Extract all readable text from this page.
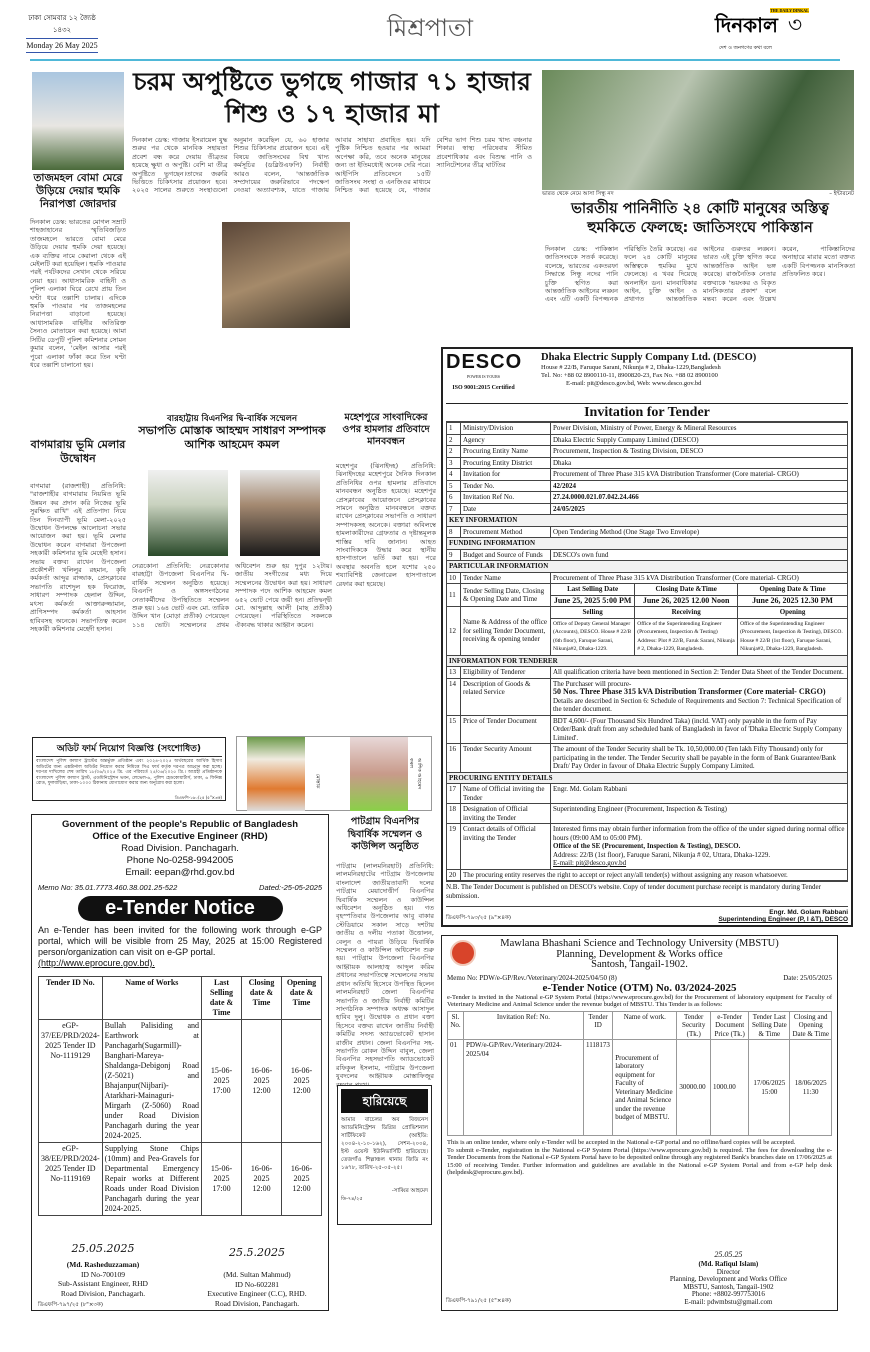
ঢাকা সোমবার ১২ জ্যৈষ্ঠ ১৪৩২
Monday 26 May 2025
মিশ্রপাতা
THE DAILY DINKAL
দিনকাল ৩
দেশ ও জনগণের কথা বলে
তাজমহল বোমা মেরে উড়িয়ে দেয়ার হুমকি নিরাপত্তা জোরদার
দিনকাল ডেস্ক: ভারতের মোগল সম্রাট শাহজাহানের স্মৃতিবিজড়িত তাজমহলে ভারতে বোমা মেরে উড়িয়ে দেয়ার হুমকি দেয়া হয়েছে। এক ব্যক্তির নামে কেরালা থেকে এই মেইলটি করা হয়েছিল। হুমকি পাওয়ার পরই পর্যটকদের সেখান থেকে সরিয়ে নেয়া হয়। আধাসামরিক বাহিনী ও পুলিশ এলাকা ঘিরে রেখে প্রায় তিন ঘণ্টা ধরে তল্লাশি চালায়। এদিকে হুমকি পাওয়ার পর তাজমহলের নিরাপত্তা বাড়ানো হয়েছে। আধাসামরিক বাহিনীর অতিরিক্ত সৈন্যও মোতায়েন করা হয়েছে। আমা সিটির ডেপুটি পুলিশ কমিশনার সোমন কুমার বলেন, 'মেইল আসার পরই পুরো এলাকা ফাঁকা করে তিন ঘণ্টা ধরে তল্লাশি চালানো হয়।
বাগমারায় ভূমি মেলার উদ্বোধন
বাগমারা (রাজশাহী) প্রতিনিধি: "রাজশাহীর বাগমারায় নিয়মিত ভূমি উন্নয়ন কর প্রদান করি নিজের ভূমি সুরক্ষিত রাখি" এই প্রতিপাদ্য নিয়ে তিন দিনব্যাপী ভূমি মেলা-২০২৫ উদ্বোধন উপলক্ষে আলোচনা সভার আয়োজন করা হয়। ভূমি মেলার উদ্বোধন করেন বাগমারা উপজেলা সহকারী কমিশনার ভূমি মেহেদী হসান। সভায় বক্তব্য রাখেন উপজেলা প্রকৌশলী খলিলুর রহমান, কৃষি কর্মকর্তা আব্দুর রাজ্জাক, প্রেসক্লাবের সভাপতি রাশেদুল হক ফিরোজ, সাধারণ সম্পাদক হেলাল উদ্দিন, মৎস্য কর্মকর্তা আক্তারুজ্জামান, প্রাণিসম্পদ কর্মকর্তা আহসান হাবিবসহ অনেকে। সভাপতিত্ব করেন সহকারী কমিশনার মেহেদী হসান।
চরম অপুষ্টিতে ভুগছে গাজার ৭১ হাজার শিশু ও ১৭ হাজার মা
দিনকাল ডেস্ক: গাজায় ইসরায়েল যুদ্ধ শুরুর পর থেকে মানবিক সহায়তা প্রবেশ বন্ধ করে দেয়ায় তীব্রতর হয়েছে ক্ষুধা ও অপুষ্টি। বেশি মা তীব্র অপুষ্টিতে ভুগছেন।তাদের জরুরি ভিত্তিতে চিকিৎসার প্রয়োজন হবে। ২০২৫ সালের শুরুতে সংস্থাগুলো অনুমান করেছিল যে, ৬০ হাজার শিশুর চিকিৎসার প্রয়োজন হবে। এই বিষয়ে জাতিসংঘের বিশ্ব খাদ্য কর্মসূচির (ডব্লিউএফপি) নির্বাহী আরও বলেন, 'আন্তর্জাতিক সম্প্রদায়ের জরুরিভাবে পদক্ষেপ নেওয়া অত্যাবশ্যক, যাতে গাজায় আবার সাহায্য প্রবাহিত হয়। যদি পুষ্টিক নিশ্চিত হওয়ার পর আমরা অপেক্ষা করি, তবে অনেক মানুষের জন্য তা ইতিমধ্যেই অনেক দেরি পরে। আইপিসি প্রতিবেদনে ১৫টি জাতিসংঘ সংস্থা ও এনজিওর মাধ্যমে নিশ্চিত করা হয়েছে যে, গাজার বেশির ভাগ শিশু চরম খাদ্য বঞ্চনার শিকার। স্বাস্থ্য পরিষেবায় সীমিত প্রবেশাধিকার এবং বিশুদ্ধ পানি ও স্যানিটেশনের তীব্র ঘাটতির
ভারত থেকে নেমে আসা সিন্ধু নদ	– ইন্টারনেট
ভারতীয় পানিনীতি ২৪ কোটি মানুষের অস্তিত্ব হুমকিতে ফেলছে: জাতিসংঘে পাকিস্তান
দিনকাল ডেস্ক: পাকিস্তান জাতিসংঘকে সতর্ক করেছে। বলেছে, ভারতের একতরফা সিদ্ধান্তে সিন্ধু নদের পানি চুক্তি স্থগিত করা আন্তর্জাতিক আইনের লঙ্ঘন এবং এটি একটি বিপজ্জনক পরিস্থিতি তৈরি করেছে। এর ফলে ২৪ কোটি মানুষের অস্তিত্বকে হুমকির মুখে ফেলেছে। এ খবর দিয়েছে অনলাইন ডন। মানবাধিকার আইন, চুক্তি আইন ও প্রথাগত আন্তর্জাতিক আইনের গুরুতর লঙ্ঘন। ভারত এই চুক্তি স্থগিত করে আন্তর্জাতিক আইন ভঙ্গ করেছে। রাজনৈতিক নেতার বক্তব্যকে 'ভয়ংকর ও বিকৃত মানসিকতার প্রকাশ' বলে মন্তব্য করেন এবং উল্লেখ করেন, পাকিস্তানিদের অনাহারে মারার মতো বক্তব্য একটি বিপজ্জনক মানসিকতা প্রতিফলিত করে।
বারহাট্টায় বিএনপির দ্বি-বার্ষিক সম্মেলন
সভাপতি মোস্তাক আহম্মদ সাধারণ সম্পাদক আশিক আহমেদ কমল
নেত্রকোনা প্রতিনিধি: নেত্রকোনার বারহাট্টা উপজেলা বিএনপির দ্বি-বার্ষিক সম্মেলন অনুষ্ঠিত হয়েছে। বিএনপি ও অঙ্গসংগঠনের নেতাকর্মীদের উপস্থিতিতে সম্মেলন শুরু হয়। ১৬৪ ভোট এবং মো. তারিক উদ্দিন খান (মোড়া প্রতীক) পেয়েছেন ১১৪ ভোট। সম্মেলনের প্রথম অধিবেশন শুরু হয় দুপুর ১২টায়। জাতীয় সংগীতের মধ্য দিয়ে সম্মেলনের উদ্বোধন করা হয়। সাধারণ সম্পাদক পদে আশিক আহমেদ কমল ৬৫২ ভোট পেয়ে জয়ী হন। প্রতিদ্বন্দ্বী মো. আব্দুল্লাহ আলী (মাছ প্রতীক) পেয়েছেন। পরিস্থিতিতে সকলকে ঐক্যবদ্ধ থাকার আহ্বান করেন।
মহেশপুরে সাংবাদিকের ওপর হামলার প্রতিবাদে মানববন্ধন
মহেশপুর (ঝিনাইদহ) প্রতিনিধি: ঝিনাইদহের মহেশপুরে দৈনিক দিনকাল প্রতিনিধির ওপর হামলার প্রতিবাদে মানববন্ধন অনুষ্ঠিত হয়েছে। মহেশপুর প্রেসক্লাবের আয়োজনে প্রেসক্লাবের সামনে অনুষ্ঠিত মানববন্ধনে বক্তব্য রাখেন প্রেসক্লাবের সভাপতি ও সাধারণ সম্পাদকসহ অনেকে। বক্তারা অবিলম্বে হামলাকারীদের গ্রেফতার ও দৃষ্টান্তমূলক শাস্তির দাবি জানান। আহত সাংবাদিককে উদ্ধার করে স্থানীয় হাসপাতালে ভর্তি করা হয়। পরে অবস্থার অবনতি হলে যশোর ২৫০ শয্যাবিশিষ্ট জেনারেল হাসপাতালে রেফার করা হয়েছে।
অডিট ফার্ম নিয়োগ বিজ্ঞপ্তি (সংশোধিত)
বাংলাদেশ পুলিশ কল্যাণ ট্রাস্টের অন্তর্ভুক্ত প্রতিষ্ঠান এবং ২০২৪-২০২৫ অর্থবছরের আর্থিক হিসাব অডিটের জন্য এক্সটার্নাল অডিটর নিয়োগ করার নিমিত্তে সিএ ফার্ম কর্তৃক দরপত্র আহ্বান করা হচ্ছে। দরপত্র দাখিলের শেষ তারিখ ১৮/০৬/২০২৫ খ্রি. এর পরিবর্তে ২৫/০৬/২০২৫ খ্রি.। আগ্রহী প্রতিষ্ঠানকে বাংলাদেশ পুলিশ কল্যাণ ট্রাস্ট, এডমিনিস্ট্রেশন ভবন, লেভেল-৬, পুলিশ হেডকোয়ার্টার্স, ঢাকা, ৬ ফিনিক্স রোড, ফুলবাড়িয়া, ঢাকা-১০০০ ঠিকানায় যোগাযোগ করার জন্য অনুরোধ করা হলো।
ডিএফপি-১৬০/২৫ (৫"×৩ক)
মোস্তাক	আশিক আহমেদ কমল
Government of the people's Republic of Bangladesh
Office of the Executive Engineer (RHD)
Road Division. Panchagarh.
Phone No-0258-9942005
Email: eepan@rhd.gov.bd
Memo No: 35.01.7773.460.38.001.25-522	Dated:-25-05-2025
e-Tender Notice
An e-Tender has been invited for the following work through e-GP portal, which will be visible from 25 May, 2025 at 15:00 Registered person/organization can visit on e-GP portal.
(http://www.eprocure.gov.bd).
Tender ID No.	Name of Works	Last Selling date & Time	Closing date & Time	Opening date & Time
eGP-37/EE/PRD/2024-2025 Tender ID No-1119129	Bullah Palisiding and Earthwork at Panchagarh(Sugarmill)-Banghari-Mareya-Shaldanga-Debigonj Road (Z-5021) and Bhajanpur(Nijbari)-Atarkhari-Mainaguri-Mirgarh (Z-5060) Road under Road Division Panchagarh during the year 2024-2025.	15-06-2025 17:00	16-06-2025 12:00	16-06-2025 12:00
eGP-38/EE/PRD/2024-2025 Tender ID No-1119169	Supplying Stone Chips (10mm) and Pea-Gravels for Departmental Emergency Repair works at Different Roads under Road Division Panchagarh during the year 2024-2025.	15-06-2025 17:00	16-06-2025 12:00	16-06-2025 12:00
25.05.2025
(Md. Rasheduzzaman)
ID No-700109
Sub-Assistant Engineer, RHD
Road Division, Panchagarh.
25.5.2025
(Md. Sultan Mahmud)
ID No-602281
Executive Engineer (C.C), RHD.
Road Division, Panchagarh.
ডিএফপি-৭৯৭/২৫ (৮"×৩ক)
পাটগ্রাম বিএনপির দ্বিবার্ষিক সম্মেলন ও কাউন্সিল অনুষ্ঠিত
পাটগ্রাম (লালমনিরহাট) প্রতিনিধি: লালমনিরহাটের পাটগ্রাম উপজেলায় বাংলাদেশ জাতীয়তাবাদী দলের পাটগ্রাম মেয়াদোত্তীর্ণ বিএনপির দ্বিবার্ষিক সম্মেলন ও কাউন্সিল অধিবেশন অনুষ্ঠিত হয়। গত বৃহস্পতিবার উপজেলার আবু বাকার স্টেডিয়ামে সকাল সাড়ে দশটায় জাতীয় ও দলীয় পতাকা উত্তোলন, বেলুন ও পায়রা উড়িয়ে দ্বিবার্ষিক সম্মেলন ও কাউন্সিল অধিবেশন শুরু হয়। পাটগ্রাম উপজেলা বিএনপির আহ্বায়ক আলহাজ্ব আব্দুল করিম প্রধানের সভাপতিত্বে সম্মেলনের সভায় প্রধান অতিথি হিসেবে উপস্থিত ছিলেন লালমনিরহাট জেলা বিএনপির সভাপতি ও জাতীয় নির্বাহী কমিটির সাংগঠনিক সম্পাদক অধ্যক্ষ আসাদুল হাবিব দুলু। উদ্বোধক ও প্রধান বক্তা হিসেবে বক্তব্য রাখেন জাতীয় নির্বাহী কমিটির সদস্য অ্যাডভোকেট হাসান রাজীব প্রধান। জেলা বিএনপির সহ-সভাপতি রোকন উদ্দিন বাবুল, জেলা বিএনপির সহসভাপতি অ্যাডভোকেট রফিকুল ইসলাম, পাটগ্রাম উপজেলা যুবদলের আহ্বায়ক মোস্তাফিজুর
হারিয়েছে
আমার বাচেলর অব বিজনেস অ্যাডমিনিস্ট্রেশন ডিগ্রির প্রোভিশনাল সার্টিফিকেট (আইডি: ২০০৪-২-১০-১৬২), সেশন-২০০৪, ইস্ট ওয়েস্ট ইউনিভার্সিটি হারিয়েছে। তেজগাঁও শিল্পাঞ্চল থানায় জিডি নং ১৬৭৮, তারিখ-২৫-০৫-২৫।
-সাব্বির আহমেদ
ডি-৭৪/২৫
DESCO
POWER IS YOURS
ISO 9001:2015 Certified
Dhaka Electric Supply Company Ltd. (DESCO)
House # 22/B, Faruque Sarani, Nikunja # 2, Dhaka-1229,Bangladesh
Tel. No: +88 02 8900110-11, 8900820-23, Fax No. +88 02 8900100
E-mail: pit@desco.gov.bd, Web: www.desco.gov.bd
Invitation for Tender
1	Ministry/Division	Power Division, Ministry of Power, Energy & Mineral Resources		
2	Agency	Dhaka Electric Supply Company Limited (DESCO)		
2	Procuring Entity Name	Procurement, Inspection & Testing Division, DESCO		
3	Procuring Entity District	Dhaka		
4	Invitation for	Procurement of Three Phase 315 kVA Distribution Transformer (Core material- CRGO)		
5	Tender No.	42/2024		
6	Invitation Ref No.	27.24.0000.021.07.042.24.466		
7	Date	24/05/2025		
KEY INFORMATION				
8	Procurement Method	Open Tendering Method (One Stage Two Envelope)		
FUNDING INFORMATION				
9	Budget and Source of Funds	DESCO's own fund		
PARTICULAR INFORMATION				
10	Tender Name	Procurement of Three Phase 315 kVA Distribution Transformer (Core material- CRGO)		
11	Tender Selling Date, Closing & Opening Date and Time	Last Selling Date	Closing Date &Time	Opening Date & Time
		June 25, 2025 5:00 PM	June 26, 2025 12.00 Noon	June 26, 2025 12.30 PM
12	Name & Address of the office for selling Tender Document, receiving & opening tender	Selling	Receiving	Opening
		Office of Deputy General Manager (Accounts), DESCO. House # 22/B (6th floor), Faruque Sarani, Nikunja#2, Dhaka-1229.	Office of the Superintending Engineer (Procurement, Inspection & Testing) Address: Plot # 22/B, Faruk Sarani, Nikunja # 2, Dhaka-1229, Bangladesh.	Office of the Superintending Engineer (Procurement, Inspection & Testing), DESCO. House # 22/B (1st floor), Faruque Sarani, Nikunja#2, Dhaka-1229, Bangladesh.
INFORMATION FOR TENDERER				
13	Eligibility of Tenderer	All qualification criteria have been mentioned in Section 2: Tender Data Sheet of the Tender Document.		
14	Description of Goods & related Service	The Purchaser will procure-
50 Nos. Three Phase 315 kVA Distribution Transformer (Core material- CRGO)
Details are described in Section 6: Schedule of Requirements and Section 7: Technical Specification of the tender document.		

15	Price of Tender Document	BDT 4,600/- (Four Thousand Six Hundred Taka) (incld. VAT) only payable in the form of Pay Order/Bank draft from any scheduled bank of Bangladesh in favor of 'Dhaka Electric Supply Company Limited'.		
16	Tender Security Amount	The amount of the Tender Security shall be Tk. 10,50,000.00 (Ten lakh Fifty Thousand) only for participating in the tender. The Tender Security shall be payable in the form of Bank Guarantee/Bank Draft/ Pay Order in favour of Dhaka Electric Supply Company Limited.		
PROCURING ENTITY DETAILS				
17	Name of Official inviting the Tender	Engr. Md. Golam Rabbani		
18	Designation of Official inviting the Tender	Superintending Engineer (Procurement, Inspection & Testing)		
19	Contact details of Official inviting the Tender	Interested firms may obtain further information from the office of the under signed during normal office hours (09:00 AM to 05:00 PM).
Office of the SE (Procurement, Inspection & Testing), DESCO.
Address: 22/B (1st floor), Faruque Sarani, Nikunja # 02, Uttara, Dhaka-1229.
E-mail: pit@desco.gov.bd		

20	The procuring entity reserves the right to accept or reject any/all tender(s) without assigning any reason whatsoever.			
N.B. The Tender Document is published on DESCO's website. Copy of tender document purchase receipt is mandatory during Tender submission.
ডিএফপি-৭৯৩/২৫ (৯"×৪ক)
Engr. Md. Golam Rabbani
Superintending Engineer (P, I &T), DESCO
Mawlana Bhashani Science and Technology University (MBSTU)
Planning, Development & Works office
Santosh, Tangail-1902.
Memo No: PDW/e-GP/Rev./Veterinary/2024-2025/04/50 (8)	Date: 25/05/2025
e-Tender Notice (OTM) No. 03/2024-2025
e-Tender is invited in the National e-GP System Portal (https://www.eprocure.gov.bd) for the Procurement of laboratory equipment for Faculty of Veterinary Medicine and Animal Science under the revenue budget of MBSTU. This Tender is as follows:
Sl. No.	Invitation Ref: No.	Tender ID	Name of work.	Tender Security (Tk.)	e-Tender Document Price (Tk.)	Tender Last Selling Date & Time	Closing and Opening Date & Time
01	PDW/e-GP/Rev./Veterinary/2024-2025/04	1118173	Procurement of laboratory equipment for Faculty of Veterinary Medicine and Animal Science under the revenue budget of MBSTU.	30000.00	1000.00	17/06/2025 15:00	18/06/2025 11:30
This is an online tender, where only e-Tender will be accepted in the National e-GP portal and no offline/hard copies will be accepted.
To submit e-Tender, registration in the National e-GP System Portal (https://www.eprocure.gov.bd) is required. The fees for downloading the e-Tender Documents from the National e-GP System Portal have to be deposited online through any registered Bank's branches date on 17/06/2025 at 15:00 of receiving Tender. Further information and guidelines are available in the National e-GP System Portal and from e-GP help desk (helpdesk@eprocure.gov.bd).
25.05.25
(Md. Rafiqul Islam)
Director
Planning, Development and Works Office
MBSTU, Santosh, Tangail-1902
Phone: +8802-997753016
E-mail: pdwmbstu@gmail.com
ডিএফপি-৭৯১/২৫ (৫"×৪ক)
